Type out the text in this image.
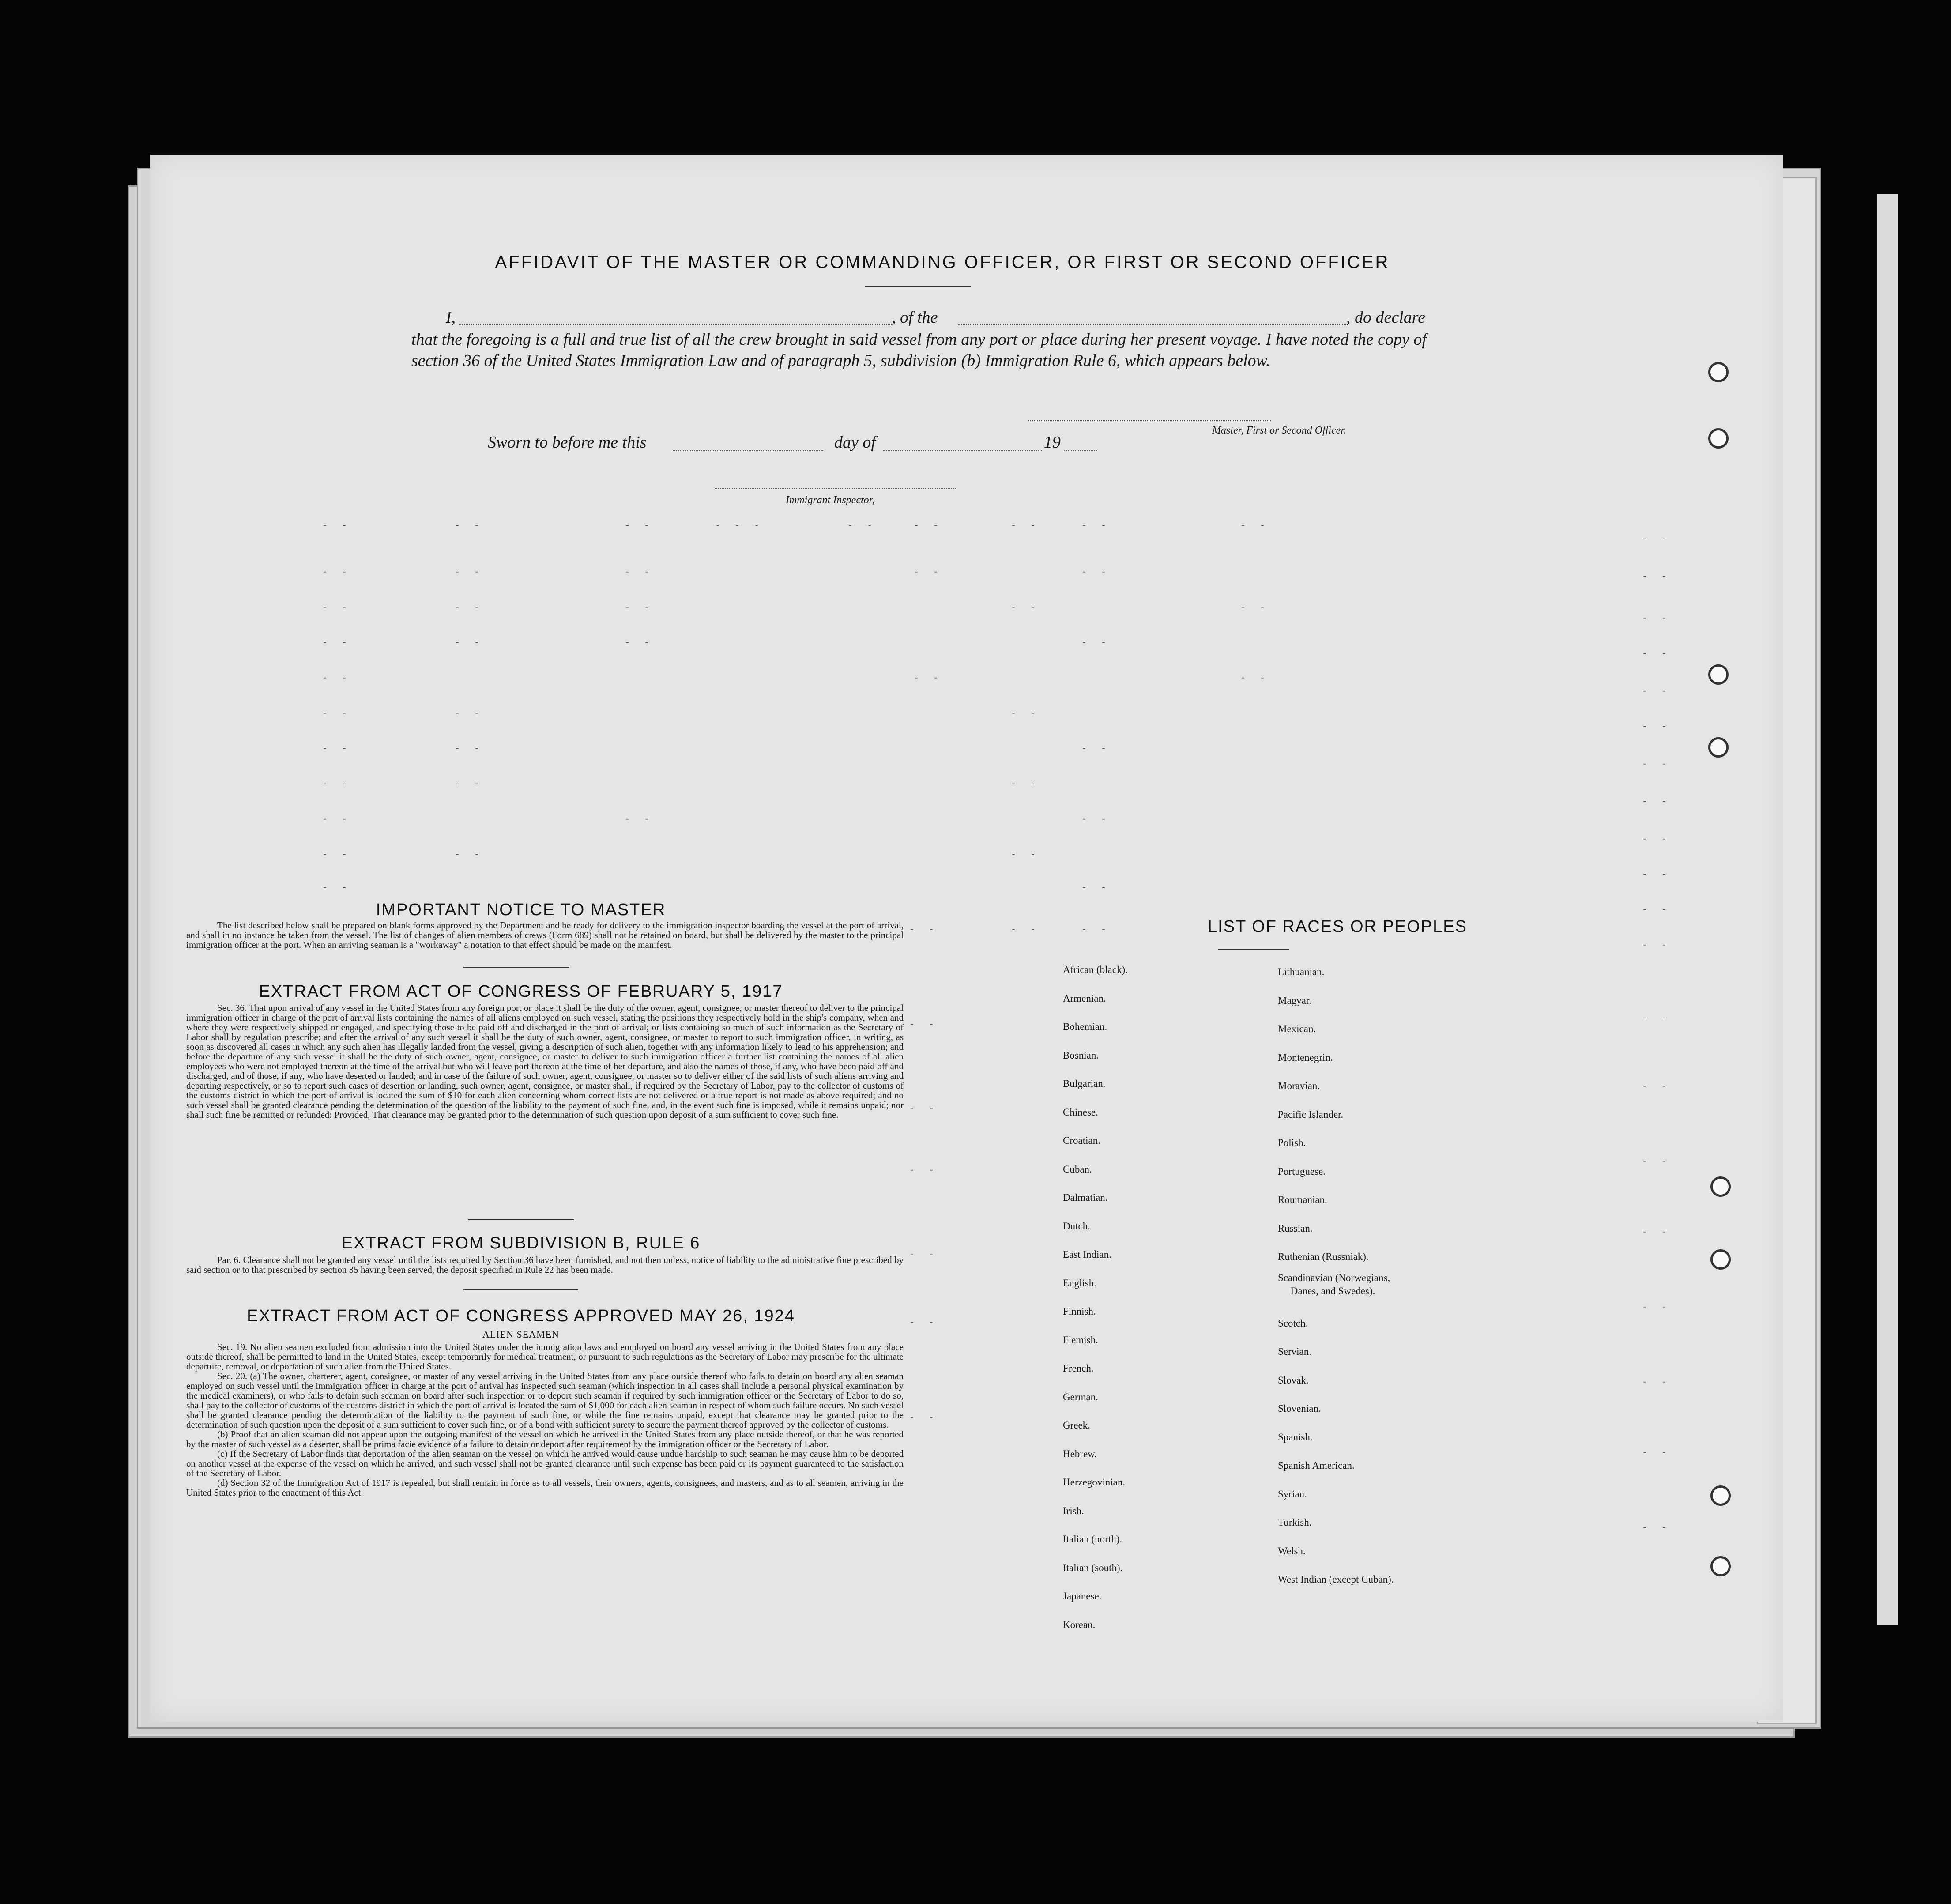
AFFIDAVIT OF THE MASTER OR COMMANDING OFFICER, OR FIRST OR SECOND OFFICER
I,	, of the	, do declare
that the foregoing is a full and true list of all the crew brought in said vessel from any port or place during her present voyage. I have noted the copy of section 36 of the United States Immigration Law and of paragraph 5, subdivision (b) Immigration Rule 6, which appears below.
Master, First or Second Officer.
Sworn to before me this	day of	19
Immigrant Inspector,
- -	- -	- -	- - -	- -	- -	- -	- -	- -
- -
- -	- -	- -	- -	- -	- -
- -	- -	- -	- -	- -
- -
- -	- -	- -	- -
- -
- -	- -	- -
- -
- -	- -	- -
- -
- -	- -	- -
- -
- -	- -	- -
- -
- -	- -	- -
- -
- -	- -	- -
- -
- -	- -
- -
- -	- -	- -
- -
- -
- -
- -
- -
- -
- -
- -
- -
- -
- -
- -
- -
- -
- -
IMPORTANT NOTICE TO MASTER

The list described below shall be prepared on blank forms approved by the Department and be ready for delivery to the immigration inspector boarding the vessel at the port of arrival, and shall in no instance be taken from the vessel. The list of changes of alien members of crews (Form 689) shall not be retained on board, but shall be delivered by the master to the principal immigration officer at the port. When an arriving seaman is a "workaway" a notation to that effect should be made on the manifest.

EXTRACT FROM ACT OF CONGRESS OF FEBRUARY 5, 1917

Sec. 36. That upon arrival of any vessel in the United States from any foreign port or place it shall be the duty of the owner, agent, consignee, or master thereof to deliver to the principal immigration officer in charge of the port of arrival lists containing the names of all aliens employed on such vessel, stating the positions they respectively hold in the ship's company, when and where they were respectively shipped or engaged, and specifying those to be paid off and discharged in the port of arrival; or lists containing so much of such information as the Secretary of Labor shall by regulation prescribe; and after the arrival of any such vessel it shall be the duty of such owner, agent, consignee, or master to report to such immigration officer, in writing, as soon as discovered all cases in which any such alien has illegally landed from the vessel, giving a description of such alien, together with any information likely to lead to his apprehension; and before the departure of any such vessel it shall be the duty of such owner, agent, consignee, or master to deliver to such immigration officer a further list containing the names of all alien employees who were not employed thereon at the time of the arrival but who will leave port thereon at the time of her departure, and also the names of those, if any, who have been paid off and discharged, and of those, if any, who have deserted or landed; and in case of the failure of such owner, agent, consignee, or master so to deliver either of the said lists of such aliens arriving and departing respectively, or so to report such cases of desertion or landing, such owner, agent, consignee, or master shall, if required by the Secretary of Labor, pay to the collector of customs of the customs district in which the port of arrival is located the sum of $10 for each alien concerning whom correct lists are not delivered or a true report is not made as above required; and no such vessel shall be granted clearance pending the determination of the question of the liability to the payment of such fine, and, in the event such fine is imposed, while it remains unpaid; nor shall such fine be remitted or refunded: Provided, That clearance may be granted prior to the determination of such question upon deposit of a sum sufficient to cover such fine.

EXTRACT FROM SUBDIVISION B, RULE 6

Par. 6. Clearance shall not be granted any vessel until the lists required by Section 36 have been furnished, and not then unless, notice of liability to the administrative fine prescribed by said section or to that prescribed by section 35 having been served, the deposit specified in Rule 22 has been made.

EXTRACT FROM ACT OF CONGRESS APPROVED MAY 26, 1924
ALIEN SEAMEN

Sec. 19. No alien seamen excluded from admission into the United States under the immigration laws and employed on board any vessel arriving in the United States from any place outside thereof, shall be permitted to land in the United States, except temporarily for medical treatment, or pursuant to such regulations as the Secretary of Labor may prescribe for the ultimate departure, removal, or deportation of such alien from the United States.

Sec. 20. (a) The owner, charterer, agent, consignee, or master of any vessel arriving in the United States from any place outside thereof who fails to detain on board any alien seaman employed on such vessel until the immigration officer in charge at the port of arrival has inspected such seaman (which inspection in all cases shall include a personal physical examination by the medical examiners), or who fails to detain such seaman on board after such inspection or to deport such seaman if required by such immigration officer or the Secretary of Labor to do so, shall pay to the collector of customs of the customs district in which the port of arrival is located the sum of $1,000 for each alien seaman in respect of whom such failure occurs. No such vessel shall be granted clearance pending the determination of the liability to the payment of such fine, or while the fine remains unpaid, except that clearance may be granted prior to the determination of such question upon the deposit of a sum sufficient to cover such fine, or of a bond with sufficient surety to secure the payment thereof approved by the collector of customs.

(b) Proof that an alien seaman did not appear upon the outgoing manifest of the vessel on which he arrived in the United States from any place outside thereof, or that he was reported by the master of such vessel as a deserter, shall be prima facie evidence of a failure to detain or deport after requirement by the immigration officer or the Secretary of Labor.

(c) If the Secretary of Labor finds that deportation of the alien seaman on the vessel on which he arrived would cause undue hardship to such seaman he may cause him to be deported on another vessel at the expense of the vessel on which he arrived, and such vessel shall not be granted clearance until such expense has been paid or its payment guaranteed to the satisfaction of the Secretary of Labor.

(d) Section 32 of the Immigration Act of 1917 is repealed, but shall remain in force as to all vessels, their owners, agents, consignees, and masters, and as to all seamen, arriving in the United States prior to the enactment of this Act.

LIST OF RACES OR PEOPLES
African (black).
Armenian.
Bohemian.
Bosnian.
Bulgarian.
Chinese.
Croatian.
Cuban.
Dalmatian.
Dutch.
East Indian.
English.
Finnish.
Flemish.
French.
German.
Greek.
Hebrew.
Herzegovinian.
Irish.
Italian (north).
Italian (south).
Japanese.
Korean.
Lithuanian.
Magyar.
Mexican.
Montenegrin.
Moravian.
Pacific Islander.
Polish.
Portuguese.
Roumanian.
Russian.
Ruthenian (Russniak).
Scandinavian (Norwegians,
Danes, and Swedes).
Scotch.
Servian.
Slovak.
Slovenian.
Spanish.
Spanish American.
Syrian.
Turkish.
Welsh.
West Indian (except Cuban).
